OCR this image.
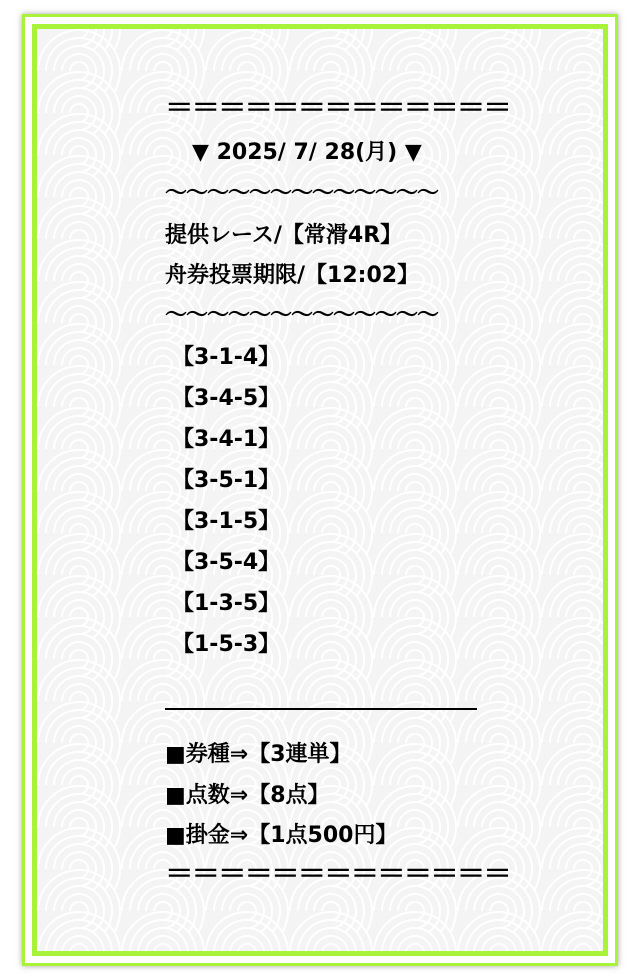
＝＝＝＝＝＝＝＝＝＝＝＝＝
▼ 2025/ 7/ 28(月) ▼
〜〜〜〜〜〜〜〜〜〜〜〜〜
提供レース/【常滑4R】
舟券投票期限/【12:02】
〜〜〜〜〜〜〜〜〜〜〜〜〜
【3-1-4】
【3-4-5】
【3-4-1】
【3-5-1】
【3-1-5】
【3-5-4】
【1-3-5】
【1-5-3】
■券種⇒【3連単】
■点数⇒【8点】
■掛金⇒【1点500円】
＝＝＝＝＝＝＝＝＝＝＝＝＝
